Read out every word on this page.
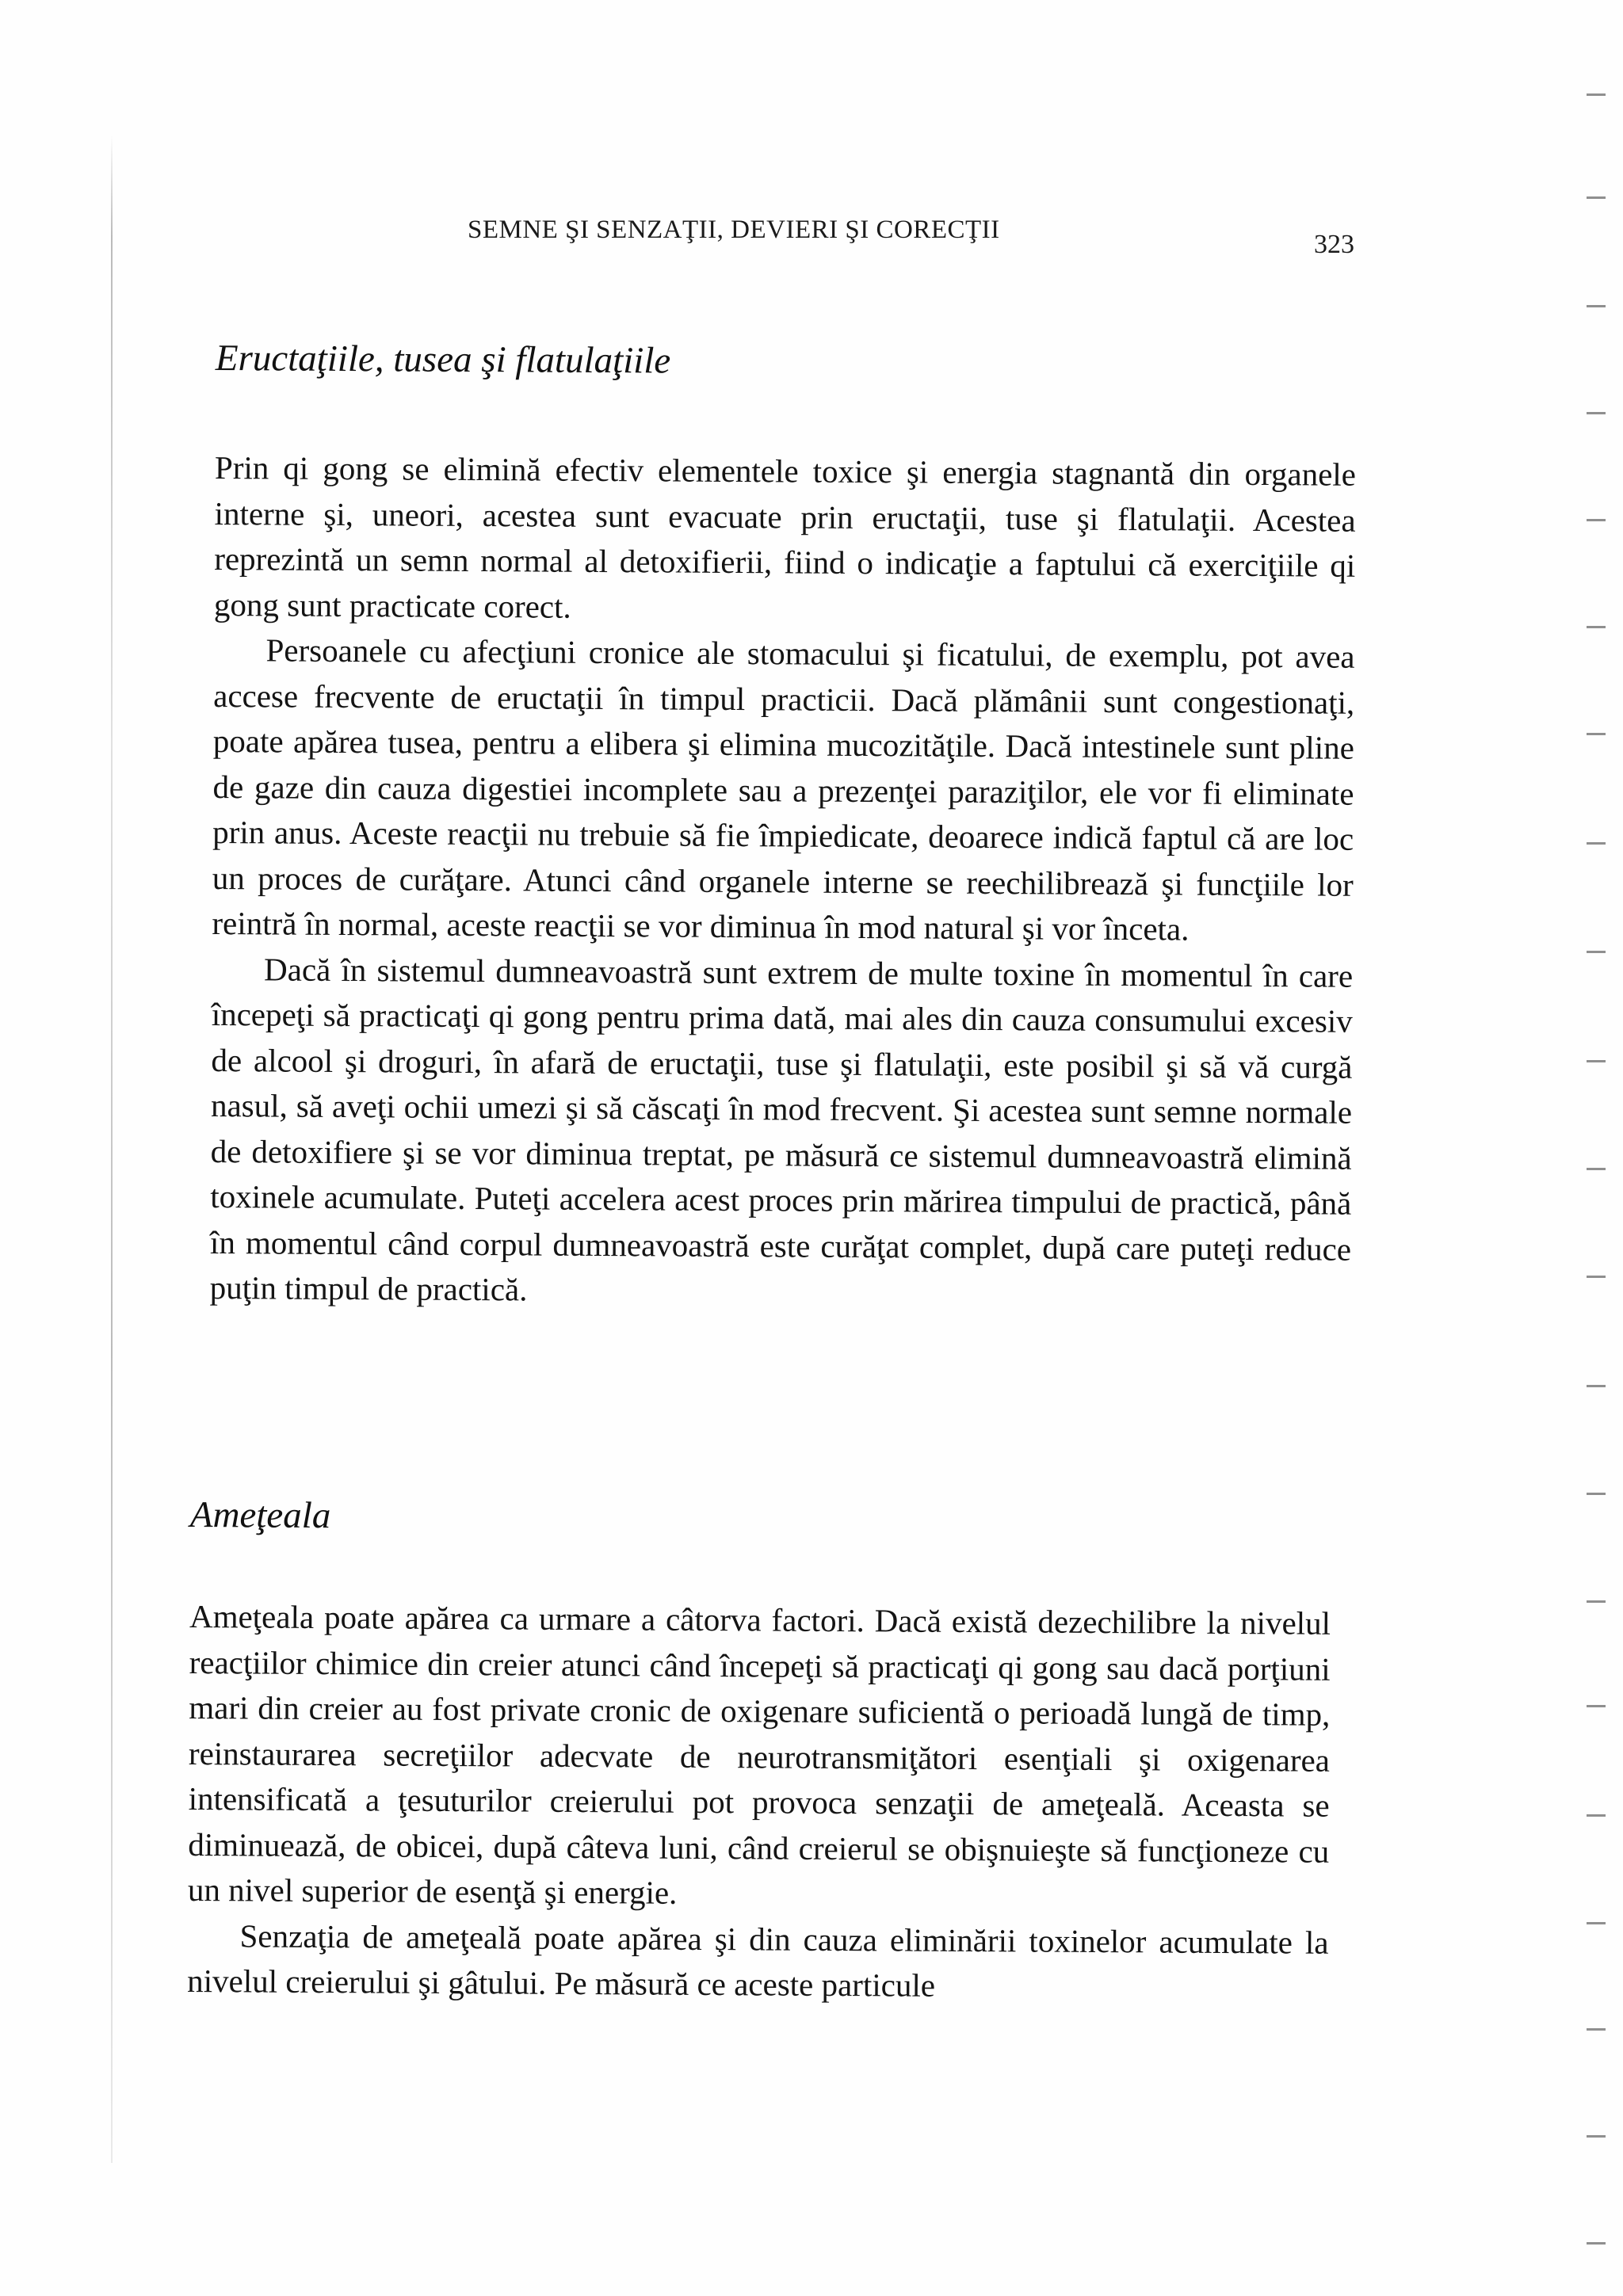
SEMNE ŞI SENZAŢII, DEVIERI ŞI CORECŢII	323
Eructaţiile, tusea şi flatulaţiile

Prin qi gong se elimină efectiv elementele toxice şi energia stagnantă din organele interne şi, uneori, acestea sunt evacuate prin eructaţii, tuse şi flatulaţii. Acestea reprezintă un semn normal al detoxifierii, fiind o indicaţie a faptului că exerciţiile qi gong sunt practicate corect.

Persoanele cu afecţiuni cronice ale stomacului şi ficatului, de exemplu, pot avea accese frecvente de eructaţii în timpul practicii. Dacă plămânii sunt congestionaţi, poate apărea tusea, pentru a elibera şi elimina mucozităţile. Dacă intestinele sunt pline de gaze din cauza digestiei incomplete sau a prezenţei paraziţilor, ele vor fi eliminate prin anus. Aceste reacţii nu trebuie să fie împiedicate, deoarece indică faptul că are loc un proces de curăţare. Atunci când organele interne se reechilibrează şi funcţiile lor reintră în normal, aceste reacţii se vor diminua în mod natural şi vor înceta.

Dacă în sistemul dumneavoastră sunt extrem de multe toxine în momentul în care începeţi să practicaţi qi gong pentru prima dată, mai ales din cauza consumului excesiv de alcool şi droguri, în afară de eructaţii, tuse şi flatulaţii, este posibil şi să vă curgă nasul, să aveţi ochii umezi şi să căscaţi în mod frecvent. Şi acestea sunt semne normale de detoxifiere şi se vor diminua treptat, pe măsură ce sistemul dumneavoastră elimină toxinele acumulate. Puteţi accelera acest proces prin mărirea timpului de practică, până în momentul când corpul dumneavoastră este curăţat complet, după care puteţi reduce puţin timpul de practică.

Ameţeala

Ameţeala poate apărea ca urmare a câtorva factori. Dacă există dezechilibre la nivelul reacţiilor chimice din creier atunci când începeţi să practicaţi qi gong sau dacă porţiuni mari din creier au fost private cronic de oxigenare suficientă o perioadă lungă de timp, reinstaurarea secreţiilor adecvate de neurotransmiţători esenţiali şi oxigenarea intensificată a ţesuturilor creierului pot provoca senzaţii de ameţeală. Aceasta se diminuează, de obicei, după câteva luni, când creierul se obişnuieşte să funcţioneze cu un nivel superior de esenţă şi energie.

Senzaţia de ameţeală poate apărea şi din cauza eliminării toxinelor acumulate la nivelul creierului şi gâtului. Pe măsură ce aceste particule
